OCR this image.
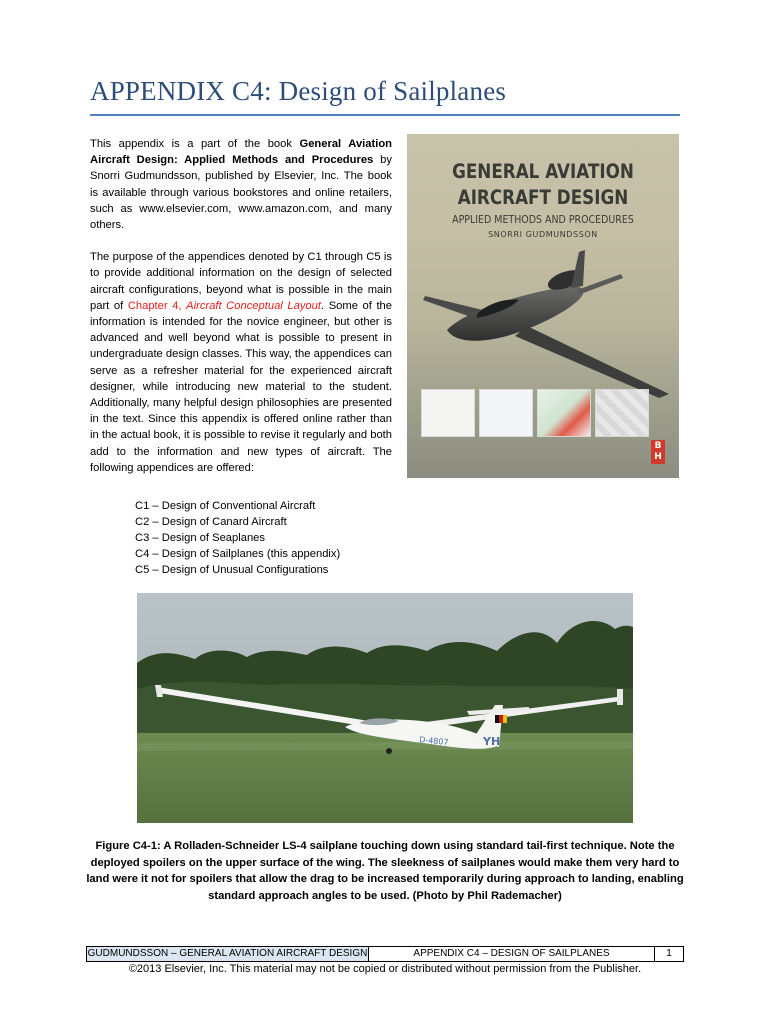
APPENDIX C4: Design of Sailplanes

This appendix is a part of the book General Aviation Aircraft Design: Applied Methods and Procedures by Snorri Gudmundsson, published by Elsevier, Inc. The book is available through various bookstores and online retailers, such as www.elsevier.com, www.amazon.com, and many others.

The purpose of the appendices denoted by C1 through C5 is to provide additional information on the design of selected aircraft configurations, beyond what is possible in the main part of Chapter 4, Aircraft Conceptual Layout. Some of the information is intended for the novice engineer, but other is advanced and well beyond what is possible to present in undergraduate design classes. This way, the appendices can serve as a refresher material for the experienced aircraft designer, while introducing new material to the student. Additionally, many helpful design philosophies are presented in the text. Since this appendix is offered online rather than in the actual book, it is possible to revise it regularly and both add to the information and new types of aircraft. The following appendices are offered:

C1 – Design of Conventional Aircraft
C2 – Design of Canard Aircraft
C3 – Design of Seaplanes
C4 – Design of Sailplanes (this appendix)
C5 – Design of Unusual Configurations
GENERAL AVIATION
AIRCRAFT DESIGN
APPLIED METHODS AND PROCEDURES
SNORRI GUDMUNDSSON
B H
D-4807	YH
Figure C4-1: A Rolladen-Schneider LS-4 sailplane touching down using standard tail-first technique. Note the deployed spoilers on the upper surface of the wing. The sleekness of sailplanes would make them very hard to land were it not for spoilers that allow the drag to be increased temporarily during approach to landing, enabling standard approach angles to be used. (Photo by Phil Rademacher)
GUDMUNDSSON – GENERAL AVIATION AIRCRAFT DESIGN	APPENDIX C4 – DESIGN OF SAILPLANES	1
©2013 Elsevier, Inc. This material may not be copied or distributed without permission from the Publisher.
